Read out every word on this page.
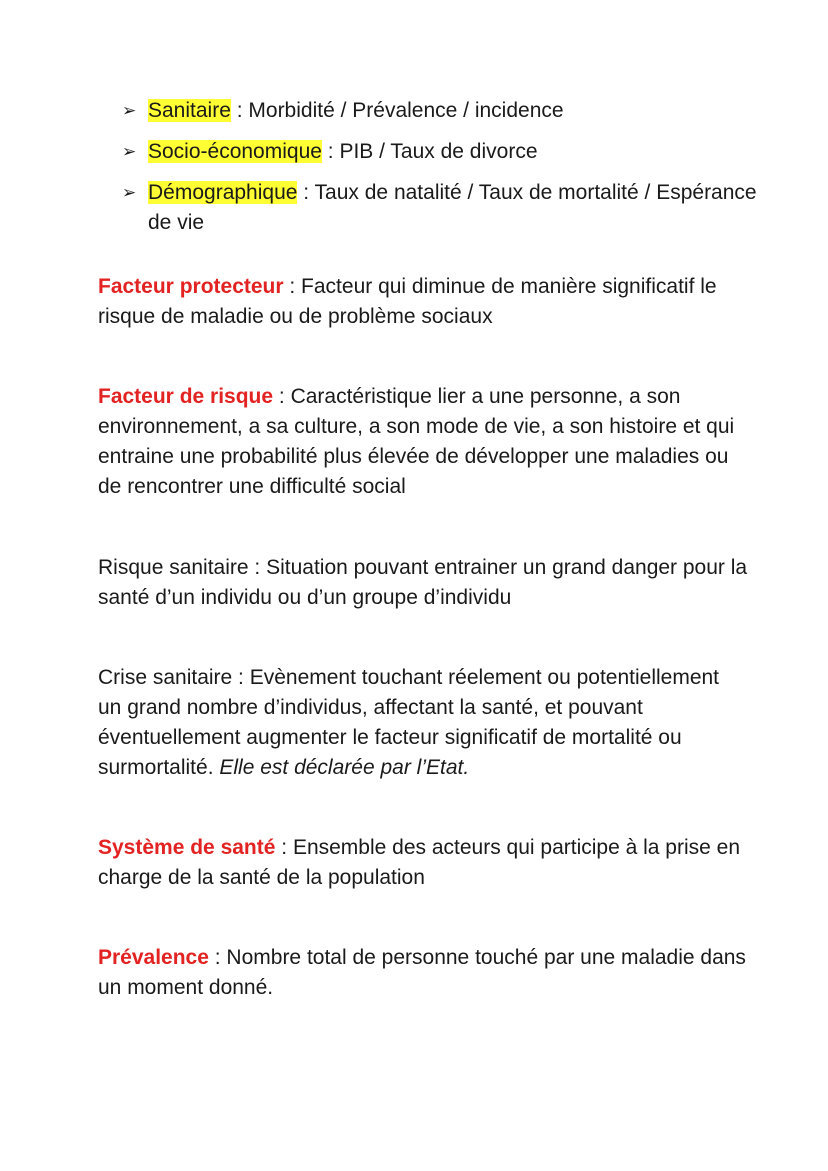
➢ Sanitaire : Morbidité / Prévalence / incidence
➢ Socio-économique : PIB / Taux de divorce
➢ Démographique : Taux de natalité / Taux de mortalité / Espérance de vie

Facteur protecteur : Facteur qui diminue de manière significatif le risque de maladie ou de problème sociaux

Facteur de risque : Caractéristique lier a une personne, a son environnement, a sa culture, a son mode de vie, a son histoire et qui entraine une probabilité plus élevée de développer une maladies ou de rencontrer une difficulté social

Risque sanitaire : Situation pouvant entrainer un grand danger pour la santé d’un individu ou d’un groupe d’individu

Crise sanitaire : Evènement touchant réelement ou potentiellement un grand nombre d’individus, affectant la santé, et pouvant éventuellement augmenter le facteur significatif de mortalité ou surmortalité. Elle est déclarée par l’Etat.

Système de santé : Ensemble des acteurs qui participe à la prise en charge de la santé de la population

Prévalence : Nombre total de personne touché par une maladie dans un moment donné.
